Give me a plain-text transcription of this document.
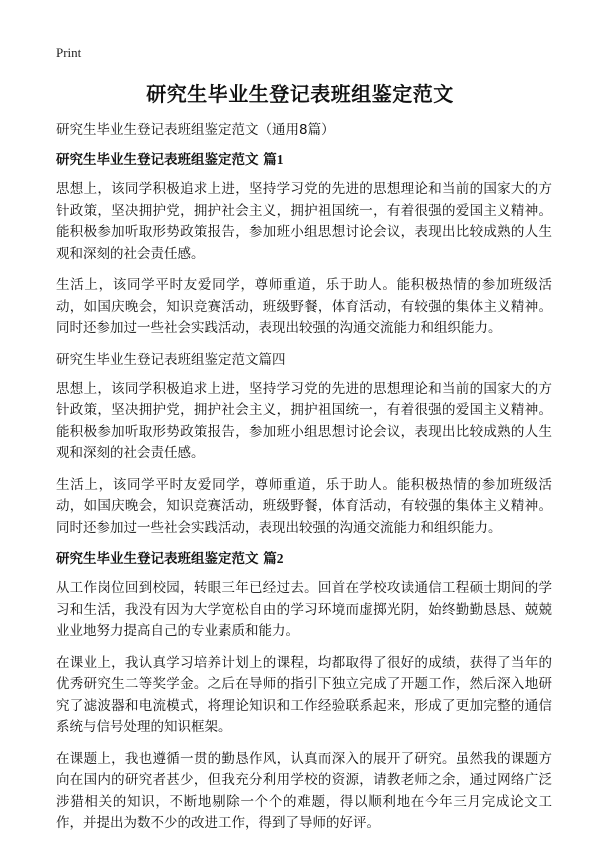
Print
研究生毕业生登记表班组鉴定范文

研究生毕业生登记表班组鉴定范文（通用8篇）

研究生毕业生登记表班组鉴定范文 篇1

思想上，该同学积极追求上进，坚持学习党的先进的思想理论和当前的国家大的方针政策，坚决拥护党，拥护社会主义，拥护祖国统一，有着很强的爱国主义精神。能积极参加听取形势政策报告，参加班小组思想讨论会议，表现出比较成熟的人生观和深刻的社会责任感。

生活上，该同学平时友爱同学，尊师重道，乐于助人。能积极热情的参加班级活动，如国庆晚会，知识竞赛活动，班级野餐，体育活动，有较强的集体主义精神。同时还参加过一些社会实践活动，表现出较强的沟通交流能力和组织能力。

研究生毕业生登记表班组鉴定范文篇四

思想上，该同学积极追求上进，坚持学习党的先进的思想理论和当前的国家大的方针政策，坚决拥护党，拥护社会主义，拥护祖国统一，有着很强的爱国主义精神。能积极参加听取形势政策报告，参加班小组思想讨论会议，表现出比较成熟的人生观和深刻的社会责任感。

生活上，该同学平时友爱同学，尊师重道，乐于助人。能积极热情的参加班级活动，如国庆晚会，知识竞赛活动，班级野餐，体育活动，有较强的集体主义精神。同时还参加过一些社会实践活动，表现出较强的沟通交流能力和组织能力。

研究生毕业生登记表班组鉴定范文 篇2

从工作岗位回到校园，转眼三年已经过去。回首在学校攻读通信工程硕士期间的学习和生活，我没有因为大学宽松自由的学习环境而虚掷光阴，始终勤勤恳恳、兢兢业业地努力提高自己的专业素质和能力。

在课业上，我认真学习培养计划上的课程，均都取得了很好的成绩，获得了当年的优秀研究生二等奖学金。之后在导师的指引下独立完成了开题工作，然后深入地研究了滤波器和电流模式，将理论知识和工作经验联系起来，形成了更加完整的通信系统与信号处理的知识框架。

在课题上，我也遵循一贯的勤恳作风，认真而深入的展开了研究。虽然我的课题方向在国内的研究者甚少，但我充分利用学校的资源，请教老师之余，通过网络广泛涉猎相关的知识，不断地剔除一个个的难题，得以顺利地在今年三月完成论文工作，并提出为数不少的改进工作，得到了导师的好评。
